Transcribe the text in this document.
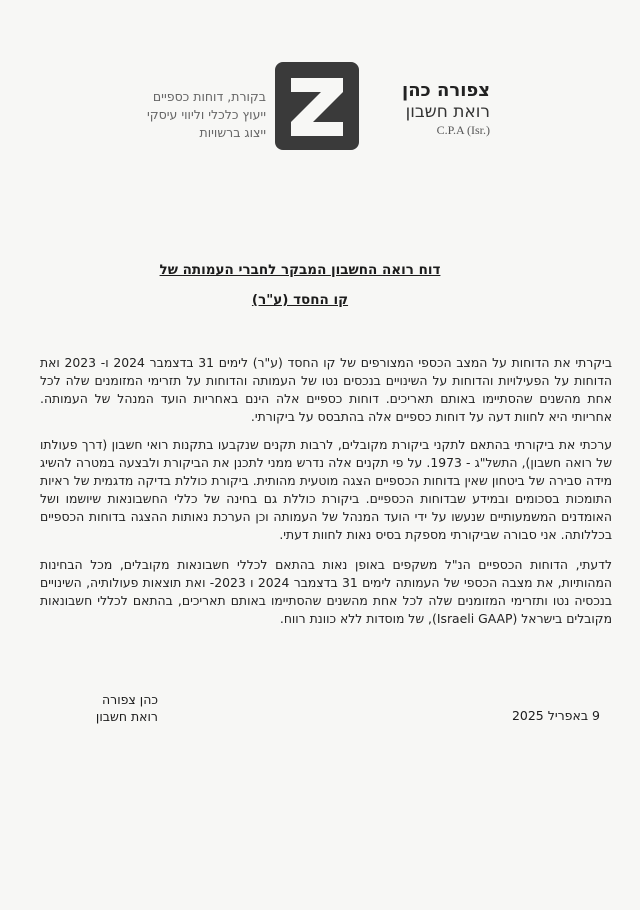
צפורה כהן
רואת חשבון
C.P.A (Isr.)
בקורת, דוחות כספיים
ייעוץ כלכלי וליווי עיסקי
ייצוג ברשויות
דוח רואה החשבון המבקר לחברי העמותה של
קו החסד (ע"ר)
ביקרתי את הדוחות על המצב הכספי המצורפים של קו החסד (ע"ר) לימים 31 בדצמבר 2024 ו- 2023 ואת הדוחות על הפעילויות והדוחות על השינויים בנכסים נטו של העמותה והדוחות על תזרימי המזומנים שלה לכל אחת מהשנים שהסתיימו באותם תאריכים. דוחות כספיים אלה הינם באחריות הועד המנהל של העמותה. אחריותי היא לחוות דעה על דוחות כספיים אלה בהתבסס על ביקורתי.
ערכתי את ביקורתי בהתאם לתקני ביקורת מקובלים, לרבות תקנים שנקבעו בתקנות רואי חשבון (דרך פעולתו של רואה חשבון), התשל"ג - 1973. על פי תקנים אלה נדרש ממני לתכנן את הביקורת ולבצעה במטרה להשיג מידה סבירה של ביטחון שאין בדוחות הכספיים הצגה מוטעית מהותית. ביקורת כוללת בדיקה מדגמית של ראיות התומכות בסכומים ובמידע שבדוחות הכספיים. ביקורת כוללת גם בחינה של כללי החשבונאות שיושמו ושל האומדנים המשמעותיים שנעשו על ידי הועד המנהל של העמותה וכן הערכת נאותות ההצגה בדוחות הכספיים בכללותה. אני סבורה שביקורתי מספקת בסיס נאות לחוות דעתי.
לדעתי, הדוחות הכספיים הנ"ל משקפים באופן נאות בהתאם לכללי חשבונאות מקובלים, מכל הבחינות המהותיות, את מצבה הכספי של העמותה לימים 31 בדצמבר 2024 ו 2023- ואת תוצאות פעולותיה, השינויים בנכסיה נטו ותזרימי המזומנים שלה לכל אחת מהשנים שהסתיימו באותם תאריכים, בהתאם לכללי חשבונאות מקובלים בישראל (Israeli GAAP), של מוסדות ללא כוונת רווח.
כהן צפורה
רואת חשבון	9 באפריל 2025
